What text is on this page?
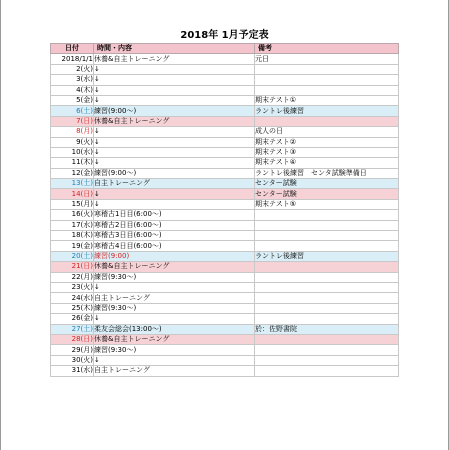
2018年 1月予定表
日付	時間・内容	備考
2018/1/1	休養&自主トレーニング	元日
2(火)	↓	
3(水)	↓	
4(木)	↓	
5(金)	↓	期末テスト①
6(土)	練習(9:00〜)	ラントレ後練習
7(日)	休養&自主トレーニング	
8(月)	↓	成人の日
9(火)	↓	期末テスト②
10(水)	↓	期末テスト③
11(木)	↓	期末テスト④
12(金)	練習(9:00〜)	ラントレ後練習　センタ試験準備日
13(土)	自主トレーニング	センター試験
14(日)	↓	センター試験
15(月)	↓	期末テスト⑤
16(火)	寒稽古1日目(6:00〜)	
17(水)	寒稽古2日目(6:00〜)	
18(木)	寒稽古3日目(6:00〜)	
19(金)	寒稽古4日目(6:00〜)	
20(土)	練習(9:00)	ラントレ後練習
21(日)	休養&自主トレーニング	
22(月)	練習(9:30〜)	
23(火)	↓	
24(水)	自主トレーニング	
25(木)	練習(9:30〜)	
26(金)	↓	
27(土)	柔友会総会(13:00〜)	於：佐野書院
28(日)	休養&自主トレーニング	
29(月)	練習(9:30〜)	
30(火)	↓	
31(水)	自主トレーニング	
